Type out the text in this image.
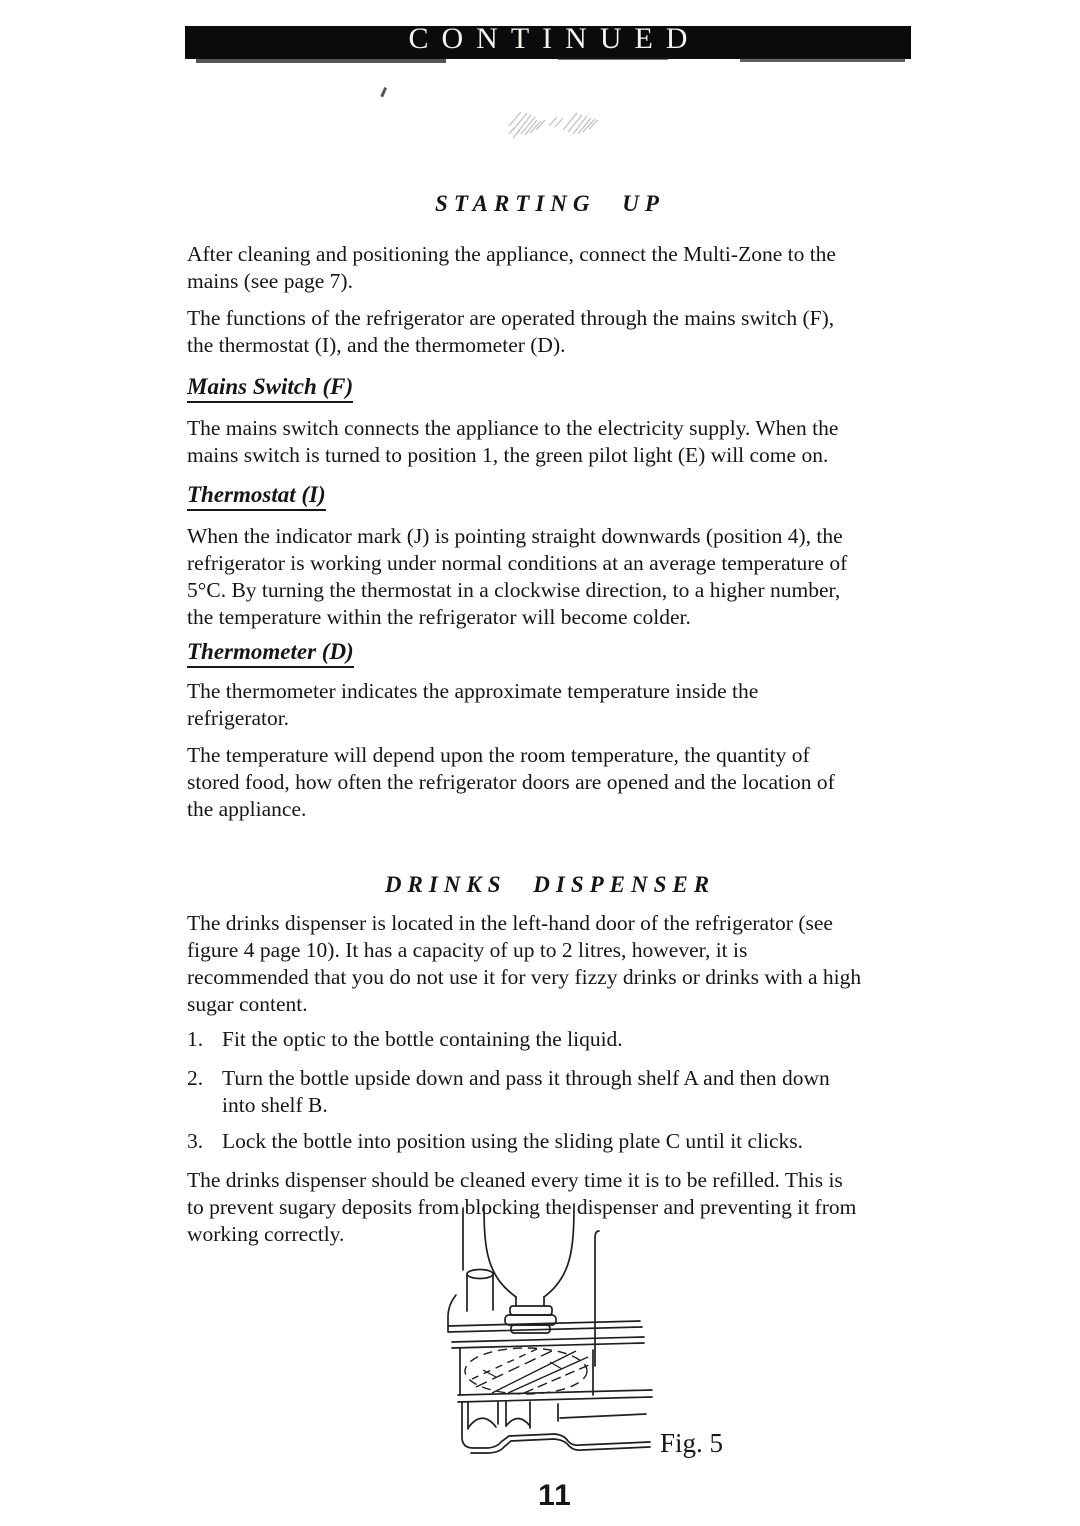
CONTINUED
STARTING UP
After cleaning and positioning the appliance, connect the Multi-Zone to the
mains (see page 7).
The functions of the refrigerator are operated through the mains switch (F),
the thermostat (I), and the thermometer (D).
Mains Switch (F)
The mains switch connects the appliance to the electricity supply. When the
mains switch is turned to position 1, the green pilot light (E) will come on.
Thermostat (I)
When the indicator mark (J) is pointing straight downwards (position 4), the
refrigerator is working under normal conditions at an average temperature of
5°C. By turning the thermostat in a clockwise direction, to a higher number,
the temperature within the refrigerator will become colder.
Thermometer (D)
The thermometer indicates the approximate temperature inside the
refrigerator.
The temperature will depend upon the room temperature, the quantity of
stored food, how often the refrigerator doors are opened and the location of
the appliance.
DRINKS DISPENSER
The drinks dispenser is located in the left-hand door of the refrigerator (see
figure 4 page 10). It has a capacity of up to 2 litres, however, it is
recommended that you do not use it for very fizzy drinks or drinks with a high
sugar content.
1. Fit the optic to the bottle containing the liquid.
2. Turn the bottle upside down and pass it through shelf A and then down
into shelf B.
3. Lock the bottle into position using the sliding plate C until it clicks.
The drinks dispenser should be cleaned every time it is to be refilled. This is
to prevent sugary deposits from blocking the dispenser and preventing it from
working correctly.
Fig. 5
11
